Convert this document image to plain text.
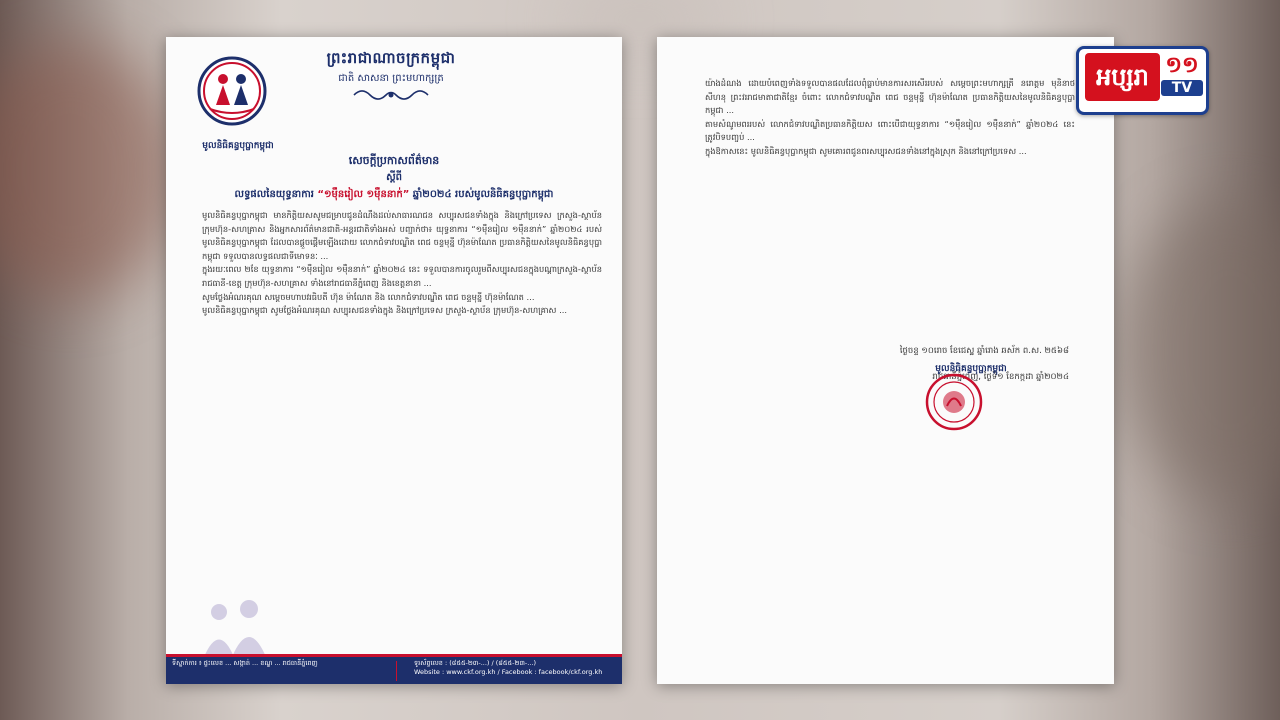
មូលនិធិគន្ធបុប្ផាកម្ពុជា
ព្រះរាជាណាចក្រកម្ពុជា
ជាតិ សាសនា ព្រះមហាក្សត្រ
សេចក្តីប្រកាសព័ត៌មាន
ស្តីពី
លទ្ធផលនៃយុទ្ធនាការ “១ម៉ឺនរៀល ១ម៉ឺននាក់” ឆ្នាំ២០២៤ របស់មូលនិធិគន្ធបុប្ផាកម្ពុជា
មូលនិធិគន្ធបុប្ផាកម្ពុជា មានកិត្តិយសសូមជម្រាបជូនដំណឹងដល់សាធារណជន សប្បុរសជនទាំងក្នុង និងក្រៅប្រទេស ក្រសួង-ស្ថាប័ន ក្រុមហ៊ុន-សហគ្រាស និងអ្នកសារព័ត៌មានជាតិ-អន្តរជាតិទាំងអស់ បញ្ជាក់ថា៖ យុទ្ធនាការ “១ម៉ឺនរៀល ១ម៉ឺននាក់” ឆ្នាំ២០២៤ របស់មូលនិធិគន្ធបុប្ផាកម្ពុជា ដែលបានផ្តួចផ្តើមឡើងដោយ លោកជំទាវបណ្ឌិត ពេជ ចន្ទមុន្នី ហ៊ុនម៉ាណែត ប្រធានកិត្តិយសនៃមូលនិធិគន្ធបុប្ផាកម្ពុជា ទទួលបានលទ្ធផលជាទីមោទនៈ ...
ក្នុងរយៈពេល ២ខែ យុទ្ធនាការ “១ម៉ឺនរៀល ១ម៉ឺននាក់” ឆ្នាំ២០២៤ នេះ ទទួលបានការចូលរួមពីសប្បុរសជនក្នុងបណ្តាក្រសួង-ស្ថាប័ន រាជធានី-ខេត្ត ក្រុមហ៊ុន-សហគ្រាស ទាំងនៅរាជធានីភ្នំពេញ និងខេត្តនានា ...
សូមថ្លែងអំណរគុណ សម្តេចមហាបវរធិបតី ហ៊ុន ម៉ាណែត និង លោកជំទាវបណ្ឌិត ពេជ ចន្ទមុន្នី ហ៊ុនម៉ាណែត ...
មូលនិធិគន្ធបុប្ផាកម្ពុជា សូមថ្លែងអំណរគុណ សប្បុរសជនទាំងក្នុង និងក្រៅប្រទេស ក្រសួង-ស្ថាប័ន ក្រុមហ៊ុន-សហគ្រាស ...
ទីស្នាក់ការ ៖ ផ្ទះលេខ ... សង្កាត់ ... ខណ្ឌ ... រាជធានីភ្នំពេញ	ទូរស័ព្ទលេខ : (៨៥៥-២៣-...) / (៨៥៥-២៣-...)
Website : www.ckf.org.kh / Facebook : facebook/ckf.org.kh
យ៉ាងដំណង ដោយបំពេញទាំងទទួលបានផលដែលពុំធ្លាប់មានការសរសើររបស់ សម្តេចព្រះមហាក្សត្រី នរោត្តម មុនិនាថ សីហនុ ព្រះវររាជមាតាជាតិខ្មែរ ចំពោះ លោកជំទាវបណ្ឌិត ពេជ ចន្ទមុន្នី ហ៊ុនម៉ាណែត ប្រធានកិត្តិយសនៃមូលនិធិគន្ធបុប្ផាកម្ពុជា ...
តាមសំណូមពររបស់ លោកជំទាវបណ្ឌិតប្រធានកិត្តិយស ពោះបើជាយុទ្ធនាការ “១ម៉ឺនរៀល ១ម៉ឺននាក់” ឆ្នាំ២០២៤ នេះ ត្រូវបិទបញ្ចប់ ...
ក្នុងឱកាសនេះ មូលនិធិគន្ធបុប្ផាកម្ពុជា សូមគោរពជូនពរសប្បុរសជនទាំងនៅក្នុងស្រុក និងនៅក្រៅប្រទេស ...

ថ្ងៃចន្ទ ១០រោច ខែជេស្ឋ ឆ្នាំរោង ឆស័ក ព.ស. ២៥៦៨

រាជធានីភ្នំពេញ, ថ្ងៃទី១ ខែកក្កដា ឆ្នាំ២០២៤

មូលនិធិគន្ធបុប្ផាកម្ពុជា
អប្សរា ១១
TV
